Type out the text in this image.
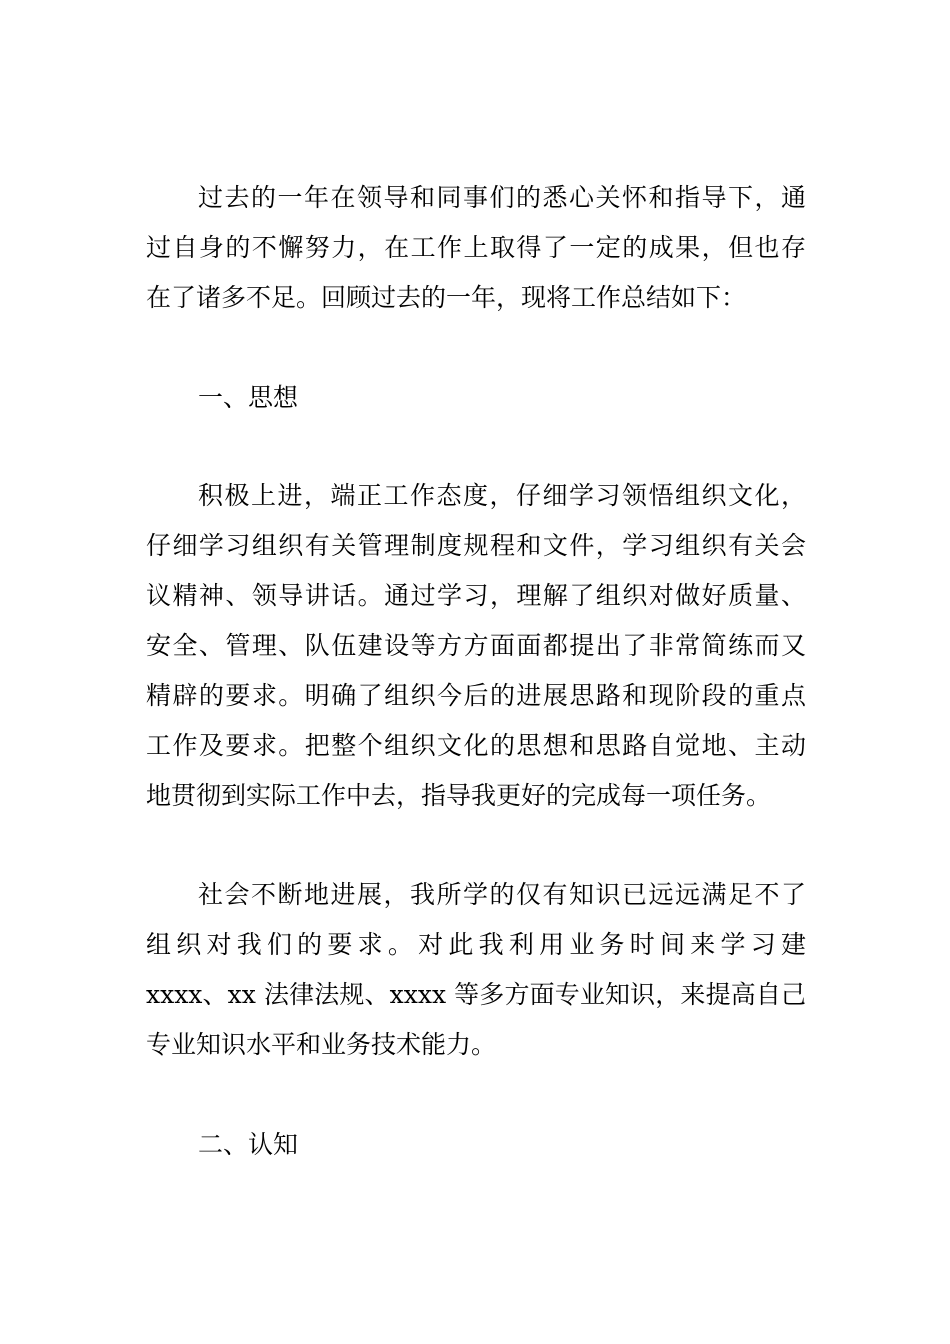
过去的一年在领导和同事们的悉心关怀和指导下，通
过自身的不懈努力，在工作上取得了一定的成果，但也存
在了诸多不足。回顾过去的一年，现将工作总结如下：
一、思想
积极上进，端正工作态度，仔细学习领悟组织文化，
仔细学习组织有关管理制度规程和文件，学习组织有关会
议精神、领导讲话。通过学习，理解了组织对做好质量、
安全、管理、队伍建设等方方面面都提出了非常简练而又
精辟的要求。明确了组织今后的进展思路和现阶段的重点
工作及要求。把整个组织文化的思想和思路自觉地、主动
地贯彻到实际工作中去，指导我更好的完成每一项任务。
社会不断地进展，我所学的仅有知识已远远满足不了
组织对我们的要求。对此我利用业务时间来学习建
xxxx、xx 法律法规、xxxx 等多方面专业知识，来提高自己
专业知识水平和业务技术能力。
二、认知
